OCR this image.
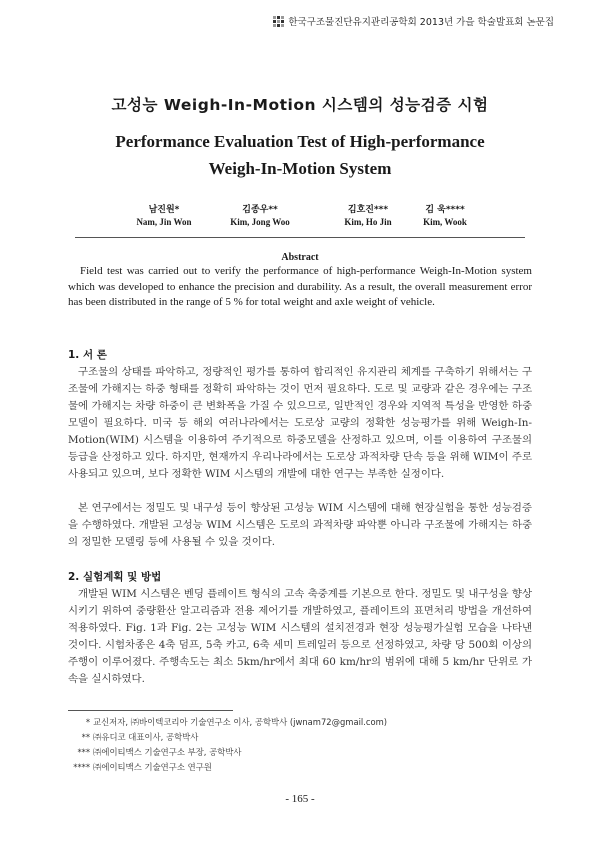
한국구조물진단유지관리공학회 2013년 가을 학술발표회 논문집
고성능 Weigh-In-Motion 시스템의 성능검증 시험
Performance Evaluation Test of High-performance
Weigh-In-Motion System
남진원*
Nam, Jin Won
김종우**
Kim, Jong Woo
김호진***
Kim, Ho Jin
김 욱****
Kim, Wook
Abstract
Field test was carried out to verify the performance of high-performance Weigh-In-Motion system which was developed to enhance the precision and durability. As a result, the overall measurement error has been distributed in the range of 5 % for total weight and axle weight of vehicle.
1. 서 론
구조물의 상태를 파악하고, 정량적인 평가를 통하여 합리적인 유지관리 체계를 구축하기 위해서는 구조물에 가해지는 하중 형태를 정확히 파악하는 것이 먼저 필요하다. 도로 및 교량과 같은 경우에는 구조물에 가해지는 차량 하중이 큰 변화폭을 가질 수 있으므로, 일반적인 경우와 지역적 특성을 반영한 하중모델이 필요하다. 미국 등 해외 여러나라에서는 도로상 교량의 정확한 성능평가를 위해 Weigh-In-Motion(WIM) 시스템을 이용하여 주기적으로 하중모델을 산정하고 있으며, 이를 이용하여 구조물의 등급을 산정하고 있다. 하지만, 현재까지 우리나라에서는 도로상 과적차량 단속 등을 위해 WIM이 주로 사용되고 있으며, 보다 정확한 WIM 시스템의 개발에 대한 연구는 부족한 실정이다.
본 연구에서는 정밀도 및 내구성 등이 향상된 고성능 WIM 시스템에 대해 현장실험을 통한 성능검증을 수행하였다. 개발된 고성능 WIM 시스템은 도로의 과적차량 파악뿐 아니라 구조물에 가해지는 하중의 정밀한 모델링 등에 사용될 수 있을 것이다.
2. 실험계획 및 방법
개발된 WIM 시스템은 벤딩 플레이트 형식의 고속 축중계를 기본으로 한다. 정밀도 및 내구성을 향상시키기 위하여 중량환산 알고리즘과 전용 제어기를 개발하였고, 플레이트의 표면처리 방법을 개선하여 적용하였다. Fig. 1과 Fig. 2는 고성능 WIM 시스템의 설치전경과 현장 성능평가실험 모습을 나타낸 것이다. 시험차종은 4축 덤프, 5축 카고, 6축 세미 트레일러 등으로 선정하였고, 차량 당 500회 이상의 주행이 이루어졌다. 주행속도는 최소 5km/hr에서 최대 60 km/hr의 범위에 대해 5 km/hr 단위로 가속을 실시하였다.
* 교신저자, ㈜바이텍코리아 기술연구소 이사, 공학박사 (jwnam72@gmail.com)
** ㈜유디코 대표이사, 공학박사
*** ㈜에이티맥스 기술연구소 부장, 공학박사
**** ㈜에이티맥스 기술연구소 연구원
- 165 -
